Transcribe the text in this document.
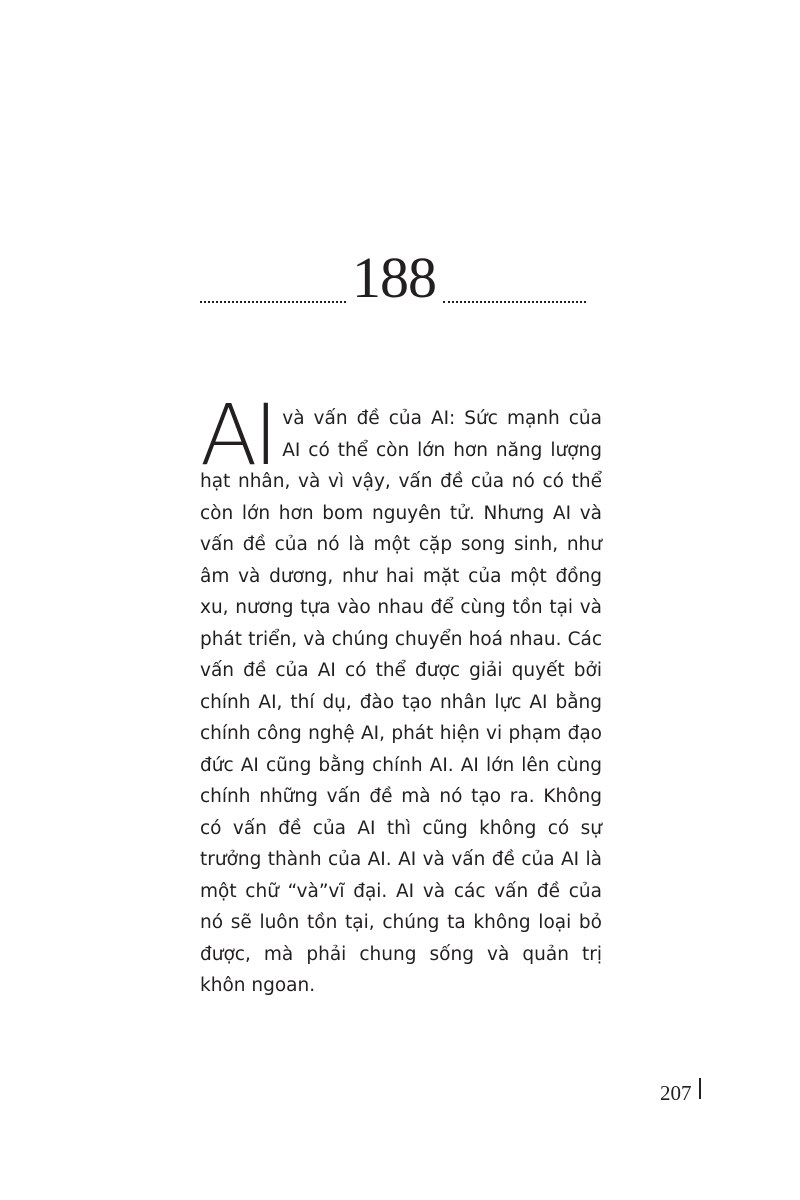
188

AI và vấn đề của AI: Sức mạnh của AI có thể còn lớn hơn năng lượng hạt nhân, và vì vậy, vấn đề của nó có thể còn lớn hơn bom nguyên tử. Nhưng AI và vấn đề của nó là một cặp song sinh, như âm và dương, như hai mặt của một đồng xu, nương tựa vào nhau để cùng tồn tại và phát triển, và chúng chuyển hoá nhau. Các vấn đề của AI có thể được giải quyết bởi chính AI, thí dụ, đào tạo nhân lực AI bằng chính công nghệ AI, phát hiện vi phạm đạo đức AI cũng bằng chính AI. AI lớn lên cùng chính những vấn đề mà nó tạo ra. Không có vấn đề của AI thì cũng không có sự trưởng thành của AI. AI và vấn đề của AI là một chữ “và”vĩ đại. AI và các vấn đề của nó sẽ luôn tồn tại, chúng ta không loại bỏ được, mà phải chung sống và quản trị khôn ngoan.

207
